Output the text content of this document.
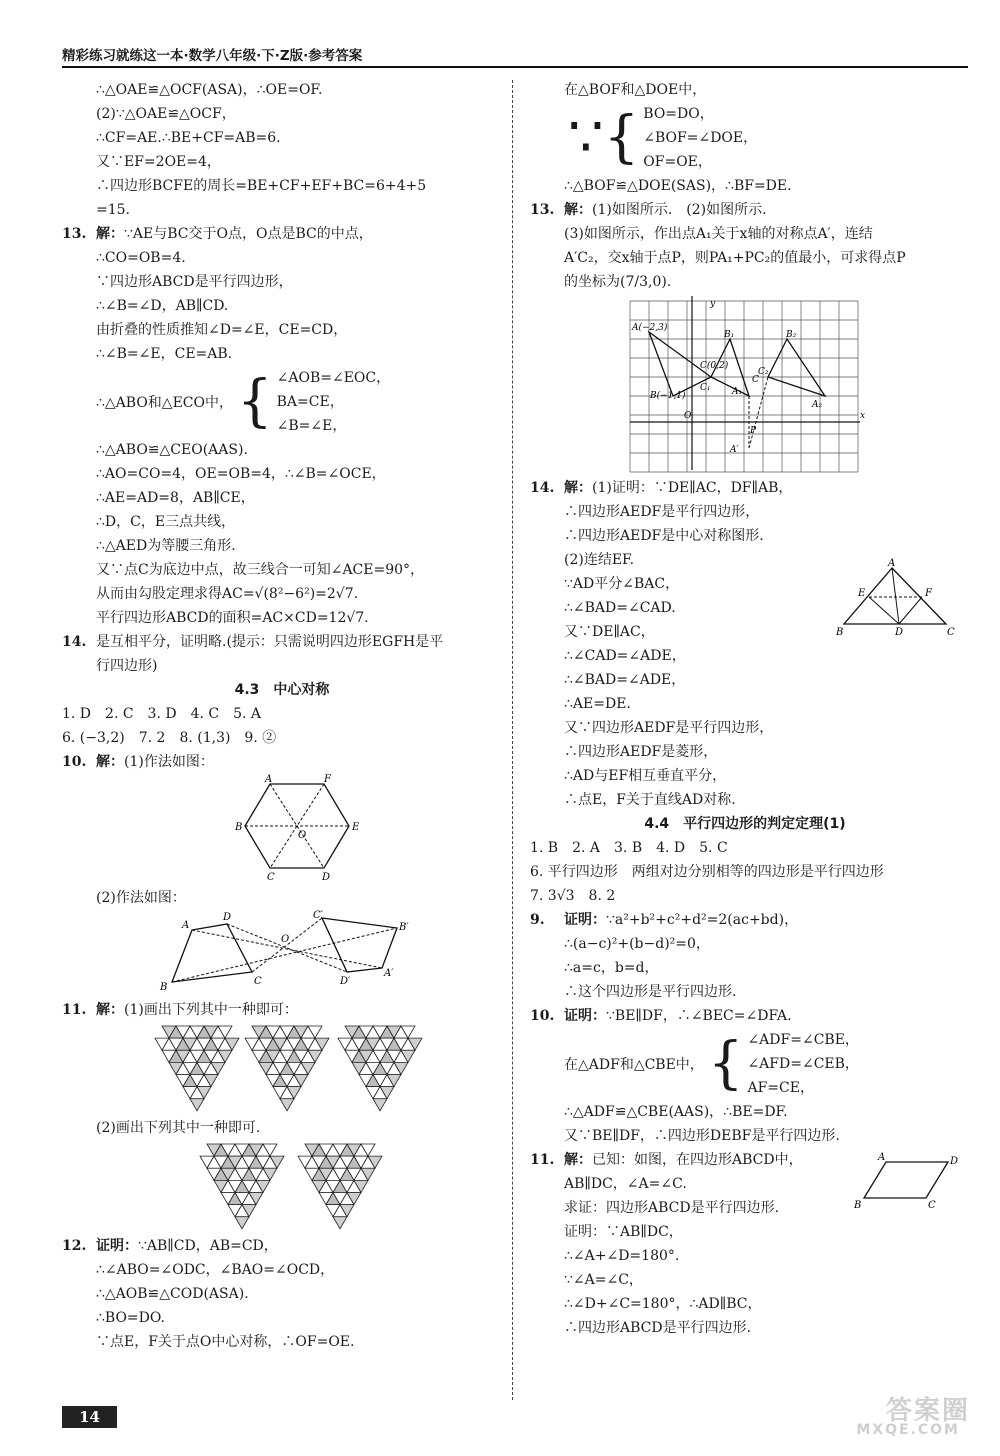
精彩练习就练这一本·数学八年级·下·Z版·参考答案
∴△OAE≌△OCF(ASA)，∴OE=OF.
(2)∵△OAE≌△OCF，
∴CF=AE.∴BE+CF=AB=6.
又∵EF=2OE=4，
∴四边形BCFE的周长=BE+CF+EF+BC=6+4+5
=15.
13. 解：∵AE与BC交于O点，O点是BC的中点，
∴CO=OB=4.
∵四边形ABCD是平行四边形，
∴∠B=∠D，AB∥CD.
由折叠的性质推知∠D=∠E，CE=CD，
∴∠B=∠E，CE=AB.
∴△ABO和△ECO中， { ∠AOB=∠EOC，
BA=CE，
∠B=∠E，
∴△ABO≌△CEO(AAS).
∴AO=CO=4，OE=OB=4，∴∠B=∠OCE，
∴AE=AD=8，AB∥CE，
∴D，C，E三点共线，
∴△AED为等腰三角形.
又∵点C为底边中点，故三线合一可知∠ACE=90°，
从而由勾股定理求得AC=√(8²−6²)=2√7.
平行四边形ABCD的面积=AC×CD=12√7.
14. 是互相平分，证明略.(提示：只需说明四边形EGFH是平
行四边形)
4.3　中心对称
1. D　2. C　3. D　4. C　5. A
6. (−3,2)　7. 2　8. (1,3)　9. ②
10. 解：(1)作法如图：
A	F
B
O
E
C	D
(2)作法如图：
A
D
B
C
O
C′
B′
D′
A′
11. 解：(1)画出下列其中一种即可：
(2)画出下列其中一种即可.
12. 证明：∵AB∥CD，AB=CD，
∴∠ABO=∠ODC，∠BAO=∠OCD，
∴△AOB≌△COD(ASA).
∴BO=DO.
∵点E，F关于点O中心对称，∴OF=OE.
在△BOF和△DOE中，
∵{ BO=DO，
∠BOF=∠DOE，
OF=OE，
∴△BOF≌△DOE(SAS)，∴BF=DE.
13. 解：(1)如图所示.　(2)如图所示.
(3)如图所示，作出点A₁关于x轴的对称点A′，连结
A′C₂，交x轴于点P，则PA₁+PC₂的值最小，可求得点P
的坐标为(7/3,0).
y
x
A(−2,3)
B(−1,1)
O
A₁
B₁
C₁
C(0,2)
C
A₂
B₂
C₂
P
A′
14. 解：(1)证明：∵DE∥AC，DF∥AB，
A
E	F
B	D	C
∴四边形AEDF是平行四边形，
∴四边形AEDF是中心对称图形.
(2)连结EF.
∵AD平分∠BAC，
∴∠BAD=∠CAD.
又∵DE∥AC，
∴∠CAD=∠ADE，
∴∠BAD=∠ADE，
∴AE=DE.
又∵四边形AEDF是平行四边形，
∴四边形AEDF是菱形，
∴AD与EF相互垂直平分，
∴点E，F关于直线AD对称.
4.4　平行四边形的判定定理(1)
1. B　2. A　3. B　4. D　5. C
6. 平行四边形　两组对边分别相等的四边形是平行四边形
7. 3√3　8. 2
9. 证明：∵a²+b²+c²+d²=2(ac+bd)，
∴(a−c)²+(b−d)²=0，
∴a=c，b=d，
∴这个四边形是平行四边形.
10. 证明：∵BE∥DF，∴∠BEC=∠DFA.
在△ADF和△CBE中， { ∠ADF=∠CBE，
∠AFD=∠CEB，
AF=CE，
∴△ADF≌△CBE(AAS)，∴BE=DF.
又∵BE∥DF，∴四边形DEBF是平行四边形.
A	D
B	C
11. 解：已知：如图，在四边形ABCD中，
AB∥DC，∠A=∠C.
求证：四边形ABCD是平行四边形.
证明：∵AB∥DC，
∴∠A+∠D=180°.
∵∠A=∠C，
∴∠D+∠C=180°，∴AD∥BC，
∴四边形ABCD是平行四边形.
14	答案圈
MXQE.COM
